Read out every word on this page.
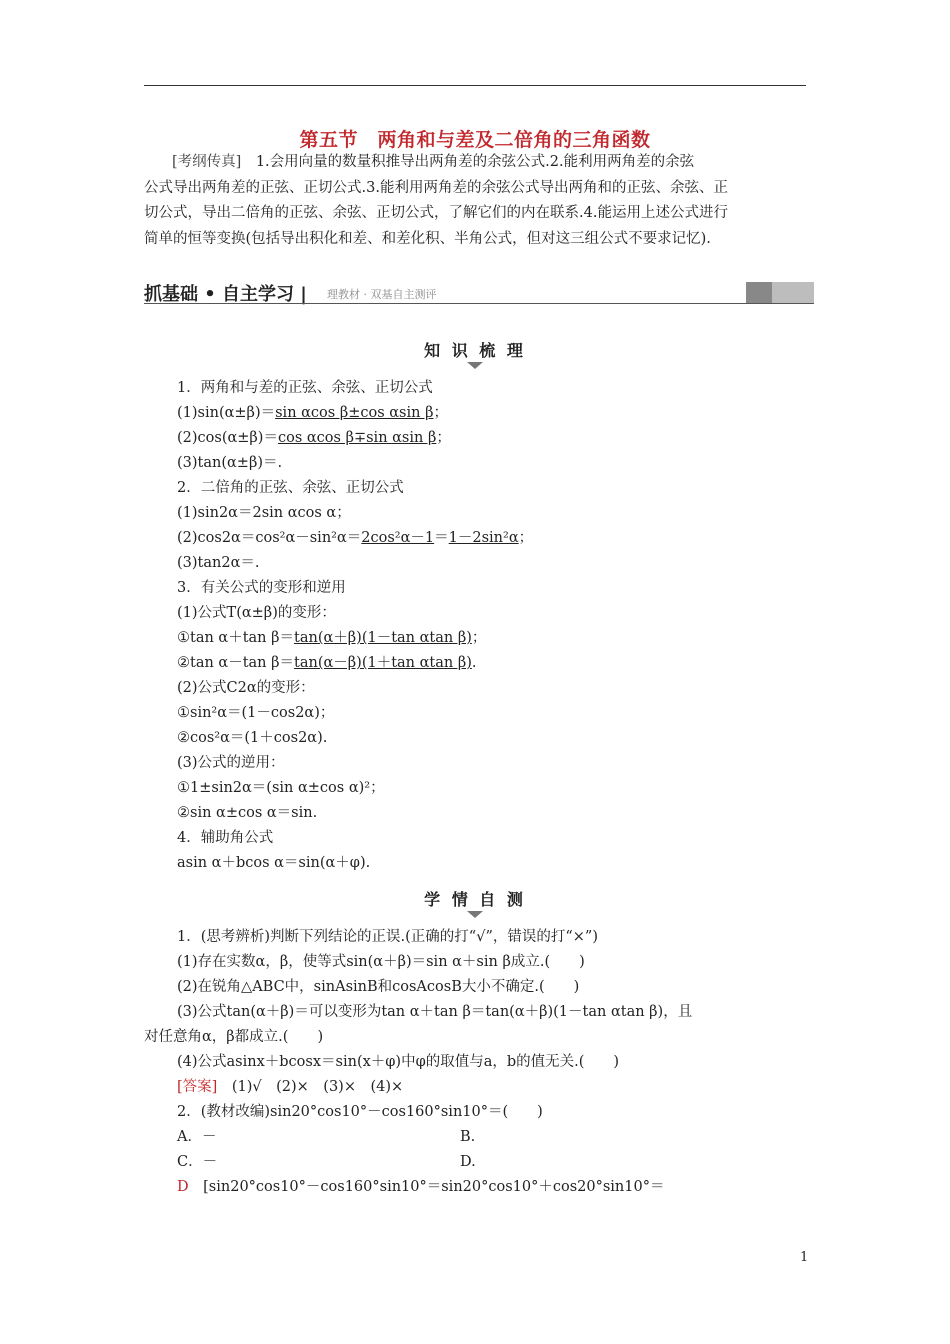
第五节　两角和与差及二倍角的三角函数

[考纲传真]　 1.会用向量的数量积推导出两角差的余弦公式.2.能利用两角差的余弦

公式导出两角差的正弦、正切公式.3.能利用两角差的余弦公式导出两角和的正弦、余弦、正

切公式，导出二倍角的正弦、余弦、正切公式，了解它们的内在联系.4.能运用上述公式进行

简单的恒等变换(包括导出积化和差、和差化积、半角公式，但对这三组公式不要求记忆).

抓基础 • 自主学习 | 理教材 · 双基自主测评
知 识 梳 理
1．两角和与差的正弦、余弦、正切公式
(1)sin(α±β)＝sin αcos β±cos αsin β；
(2)cos(α±β)＝cos αcos β∓sin αsin β；
(3)tan(α±β)＝.
2．二倍角的正弦、余弦、正切公式
(1)sin2α＝2sin αcos α；
(2)cos2α＝cos²α－sin²α＝2cos²α－1＝1－2sin²α；
(3)tan2α＝.
3．有关公式的变形和逆用
(1)公式T(α±β)的变形：
①tan α＋tan β＝tan(α＋β)(1－tan αtan β)；
②tan α－tan β＝tan(α－β)(1＋tan αtan β).
(2)公式C2α的变形：
①sin²α＝(1－cos2α)；
②cos²α＝(1＋cos2α).
(3)公式的逆用：
①1±sin2α＝(sin α±cos α)²；
②sin α±cos α＝sin.
4．辅助角公式
asin α＋bcos α＝sin(α＋φ).
学 情 自 测
1．(思考辨析)判断下列结论的正误.(正确的打“√”，错误的打“×”)
(1)存在实数α，β，使等式sin(α＋β)＝sin α＋sin β成立.(　　)
(2)在锐角△ABC中，sinAsinB和cosAcosB大小不确定.(　　)
(3)公式tan(α＋β)＝可以变形为tan α＋tan β＝tan(α＋β)(1－tan αtan β)，且
对任意角α，β都成立.(　　)
(4)公式asinx＋bcosx＝sin(x＋φ)中φ的取值与a，b的值无关.(　　)
[答案]　 (1)√　(2)×　(3)×　(4)×
2．(教材改编)sin20°cos10°－cos160°sin10°＝(　　)
A．－	B.
C．－	D.
D　[sin20°cos10°－cos160°sin10°＝sin20°cos10°＋cos20°sin10°＝
1
